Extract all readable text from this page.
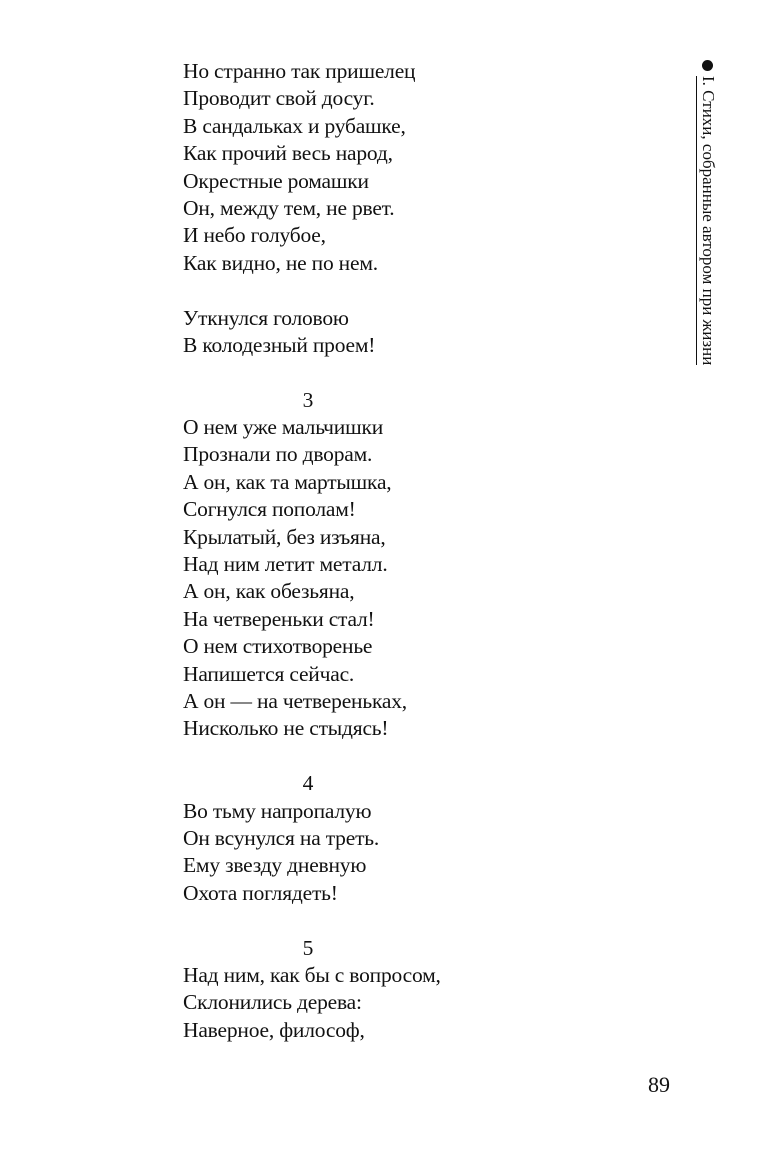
I. Стихи, собранные автором при жизни
Но странно так пришелец
Проводит свой досуг.
В сандальках и рубашке,
Как прочий весь народ,
Окрестные ромашки
Он, между тем, не рвет.
И небо голубое,
Как видно, не по нем.
Уткнулся головою
В колодезный проем!
3
О нем уже мальчишки
Прознали по дворам.
А он, как та мартышка,
Согнулся пополам!
Крылатый, без изъяна,
Над ним летит металл.
А он, как обезьяна,
На четвереньки стал!
О нем стихотворенье
Напишется сейчас.
А он — на четвереньках,
Нисколько не стыдясь!
4
Во тьму напропалую
Он всунулся на треть.
Ему звезду дневную
Охота поглядеть!
5
Над ним, как бы с вопросом,
Склонились дерева:
Наверное, философ,
89
